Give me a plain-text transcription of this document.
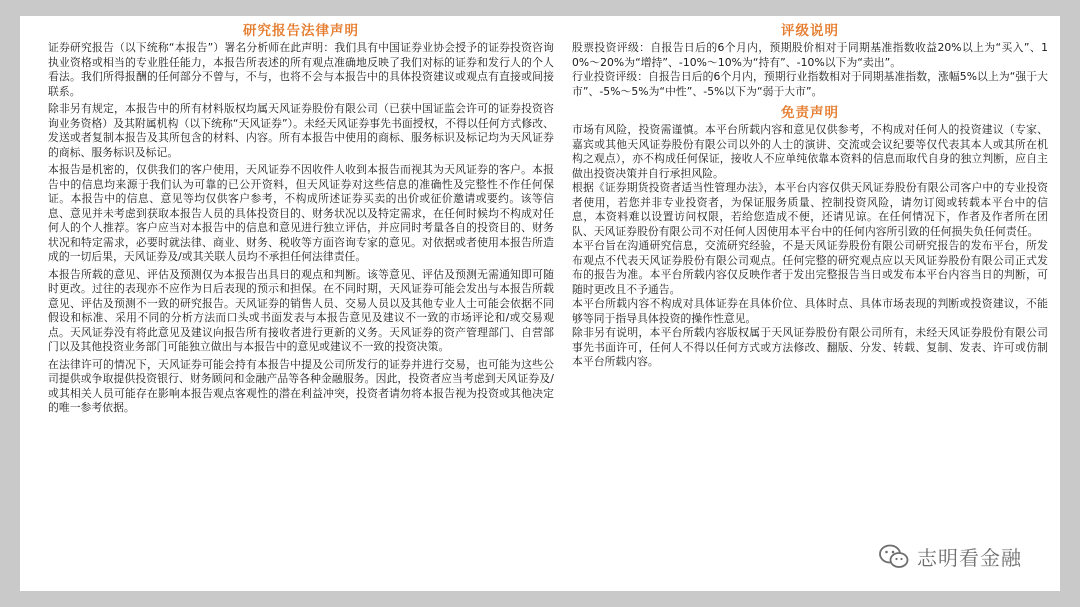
研究报告法律声明

证券研究报告（以下统称“本报告”）署名分析师在此声明：我们具有中国证券业协会授予的证券投资咨询执业资格或相当的专业胜任能力，本报告所表述的所有观点准确地反映了我们对标的证券和发行人的个人看法。我们所得报酬的任何部分不曾与，不与，也将不会与本报告中的具体投资建议或观点有直接或间接联系。

除非另有规定，本报告中的所有材料版权均属天风证券股份有限公司（已获中国证监会许可的证券投资咨询业务资格）及其附属机构（以下统称“天风证券”）。未经天风证券事先书面授权，不得以任何方式修改、发送或者复制本报告及其所包含的材料、内容。所有本报告中使用的商标、服务标识及标记均为天风证券的商标、服务标识及标记。

本报告是机密的，仅供我们的客户使用，天风证券不因收件人收到本报告而视其为天风证券的客户。本报告中的信息均来源于我们认为可靠的已公开资料，但天风证券对这些信息的准确性及完整性不作任何保证。本报告中的信息、意见等均仅供客户参考，不构成所述证券买卖的出价或征价邀请或要约。该等信息、意见并未考虑到获取本报告人员的具体投资目的、财务状况以及特定需求，在任何时候均不构成对任何人的个人推荐。客户应当对本报告中的信息和意见进行独立评估，并应同时考量各自的投资目的、财务状况和特定需求，必要时就法律、商业、财务、税收等方面咨询专家的意见。对依据或者使用本报告所造成的一切后果，天风证券及/或其关联人员均不承担任何法律责任。

本报告所载的意见、评估及预测仅为本报告出具日的观点和判断。该等意见、评估及预测无需通知即可随时更改。过往的表现亦不应作为日后表现的预示和担保。在不同时期，天风证券可能会发出与本报告所载意见、评估及预测不一致的研究报告。天风证券的销售人员、交易人员以及其他专业人士可能会依据不同假设和标准、采用不同的分析方法而口头或书面发表与本报告意见及建议不一致的市场评论和/或交易观点。天风证券没有将此意见及建议向报告所有接收者进行更新的义务。天风证券的资产管理部门、自营部门以及其他投资业务部门可能独立做出与本报告中的意见或建议不一致的投资决策。

在法律许可的情况下，天风证券可能会持有本报告中提及公司所发行的证券并进行交易，也可能为这些公司提供或争取提供投资银行、财务顾问和金融产品等各种金融服务。因此，投资者应当考虑到天风证券及/或其相关人员可能存在影响本报告观点客观性的潜在利益冲突，投资者请勿将本报告视为投资或其他决定的唯一参考依据。

评级说明

股票投资评级：自报告日后的6个月内，预期股价相对于同期基准指数收益20%以上为“买入”、10%～20%为“增持”、-10%～10%为“持有”、-10%以下为“卖出”。

行业投资评级：自报告日后的6个月内，预期行业指数相对于同期基准指数，涨幅5%以上为“强于大市”、-5%～5%为“中性”、-5%以下为“弱于大市”。

免责声明

市场有风险，投资需谨慎。本平台所载内容和意见仅供参考，不构成对任何人的投资建议（专家、嘉宾或其他天风证券股份有限公司以外的人士的演讲、交流或会议纪要等仅代表其本人或其所在机构之观点），亦不构成任何保证，接收人不应单纯依靠本资料的信息而取代自身的独立判断，应自主做出投资决策并自行承担风险。

根据《证券期货投资者适当性管理办法》，本平台内容仅供天风证券股份有限公司客户中的专业投资者使用，若您并非专业投资者，为保证服务质量、控制投资风险，请勿订阅或转载本平台中的信息，本资料难以设置访问权限，若给您造成不便，还请见谅。在任何情况下，作者及作者所在团队、天风证券股份有限公司不对任何人因使用本平台中的任何内容所引致的任何损失负任何责任。

本平台旨在沟通研究信息，交流研究经验，不是天风证券股份有限公司研究报告的发布平台，所发布观点不代表天风证券股份有限公司观点。任何完整的研究观点应以天风证券股份有限公司正式发布的报告为准。本平台所载内容仅反映作者于发出完整报告当日或发布本平台内容当日的判断，可随时更改且不予通告。

本平台所载内容不构成对具体证券在具体价位、具体时点、具体市场表现的判断或投资建议，不能够等同于指导具体投资的操作性意见。

除非另有说明，本平台所载内容版权属于天风证券股份有限公司所有，未经天风证券股份有限公司事先书面许可，任何人不得以任何方式或方法修改、翻版、分发、转载、复制、发表、许可或仿制本平台所载内容。

志明看金融
